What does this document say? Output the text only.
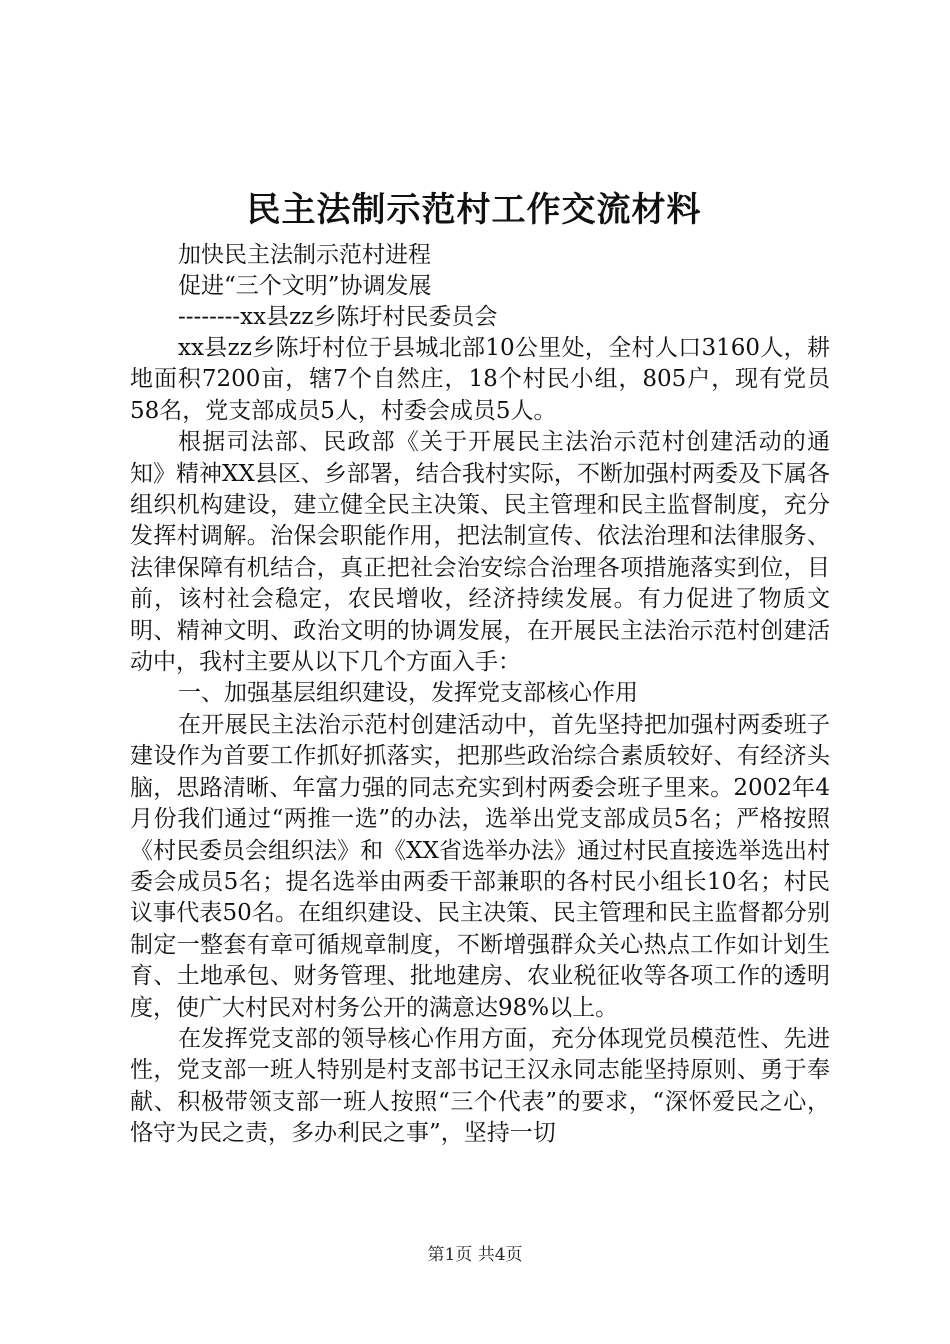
民主法制示范村工作交流材料

加快民主法制示范村进程

促进“三个文明”协调发展

--------xx县zz乡陈圩村民委员会

xx县zz乡陈圩村位于县城北部10公里处，全村人口3160人，耕地面积7200亩，辖7个自然庄，18个村民小组，805户，现有党员58名，党支部成员5人，村委会成员5人。

根据司法部、民政部《关于开展民主法治示范村创建活动的通知》精神XX县区、乡部署，结合我村实际，不断加强村两委及下属各组织机构建设，建立健全民主决策、民主管理和民主监督制度，充分发挥村调解。治保会职能作用，把法制宣传、依法治理和法律服务、法律保障有机结合，真正把社会治安综合治理各项措施落实到位，目前，该村社会稳定，农民增收，经济持续发展。有力促进了物质文明、精神文明、政治文明的协调发展，在开展民主法治示范村创建活动中，我村主要从以下几个方面入手：

一、加强基层组织建设，发挥党支部核心作用

在开展民主法治示范村创建活动中，首先坚持把加强村两委班子建设作为首要工作抓好抓落实，把那些政治综合素质较好、有经济头脑，思路清晰、年富力强的同志充实到村两委会班子里来。2002年4月份我们通过“两推一选”的办法，选举出党支部成员5名；严格按照《村民委员会组织法》和《XX省选举办法》通过村民直接选举选出村委会成员5名；提名选举由两委干部兼职的各村民小组长10名；村民议事代表50名。在组织建设、民主决策、民主管理和民主监督都分别制定一整套有章可循规章制度，不断增强群众关心热点工作如计划生育、土地承包、财务管理、批地建房、农业税征收等各项工作的透明度，使广大村民对村务公开的满意达98%以上。

在发挥党支部的领导核心作用方面，充分体现党员模范性、先进性，党支部一班人特别是村支部书记王汉永同志能坚持原则、勇于奉献、积极带领支部一班人按照“三个代表”的要求，“深怀爱民之心，恪守为民之责，多办利民之事”，坚持一切

第1页 共4页
